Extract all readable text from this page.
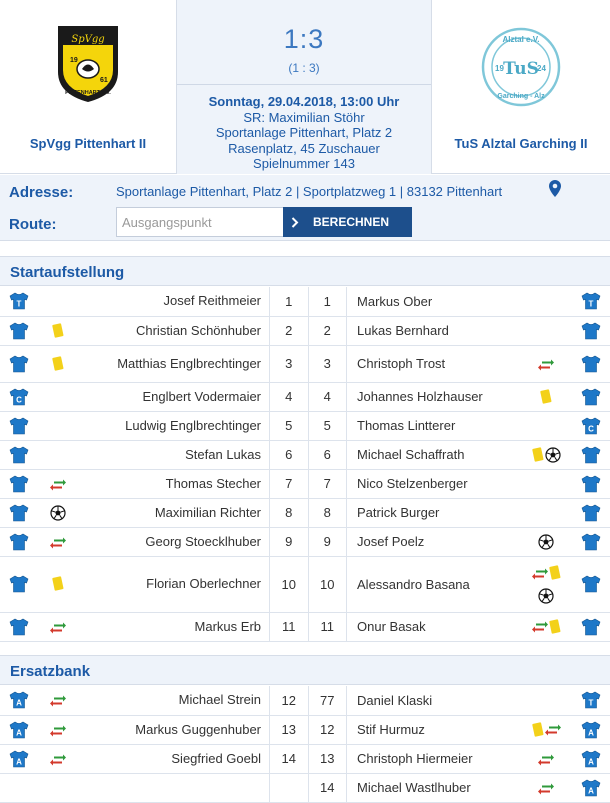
SpVgg
19
61
PITTENHART e.V.
SpVgg Pittenhart II
1:3
(1 : 3)
Sonntag, 29.04.2018, 13:00 Uhr
SR: Maximilian Stöhr
Sportanlage Pittenhart, Platz 2
Rasenplatz, 45 Zuschauer
Spielnummer 143
Alztal e.V.
19	24
TuS
Garching - Alz
TuS Alztal Garching II
Adresse:	Sportanlage Pittenhart, Platz 2 | Sportplatzweg 1 | 83132 Pittenhart
Route:
Ausgangspunkt	BERECHNEN
Startaufstellung
T		Josef Reithmeier	1	1	Markus Ober		T

	Christian Schönhuber	2	2	Lukas Bernhard		

	Matthias Englbrechtinger	3	3	Christoph Trost	

C		Englbert Vodermaier	4	4	Johannes Holzhauser	

		Ludwig Englbrechtinger	5	5	Thomas Lintterer		C

		Stefan Lukas	6	6	Michael Schaffrath	

	Thomas Stecher	7	7	Nico Stelzenberger		

	Maximilian Richter	8	8	Patrick Burger		

	Georg Stoecklhuber	9	9	Josef Poelz	

	Florian Oberlechner	10	10	Alessandro Basana	

	Markus Erb	11	11	Onur Basak	

Ersatzbank
A		Michael Strein	12	77	Daniel Klaski		T

A		Markus Guggenhuber	13	12	Stif Hurmuz		A

A		Siegfried Goebl	14	13	Christoph Hiermeier		A

				14	Michael Wastlhuber		A
